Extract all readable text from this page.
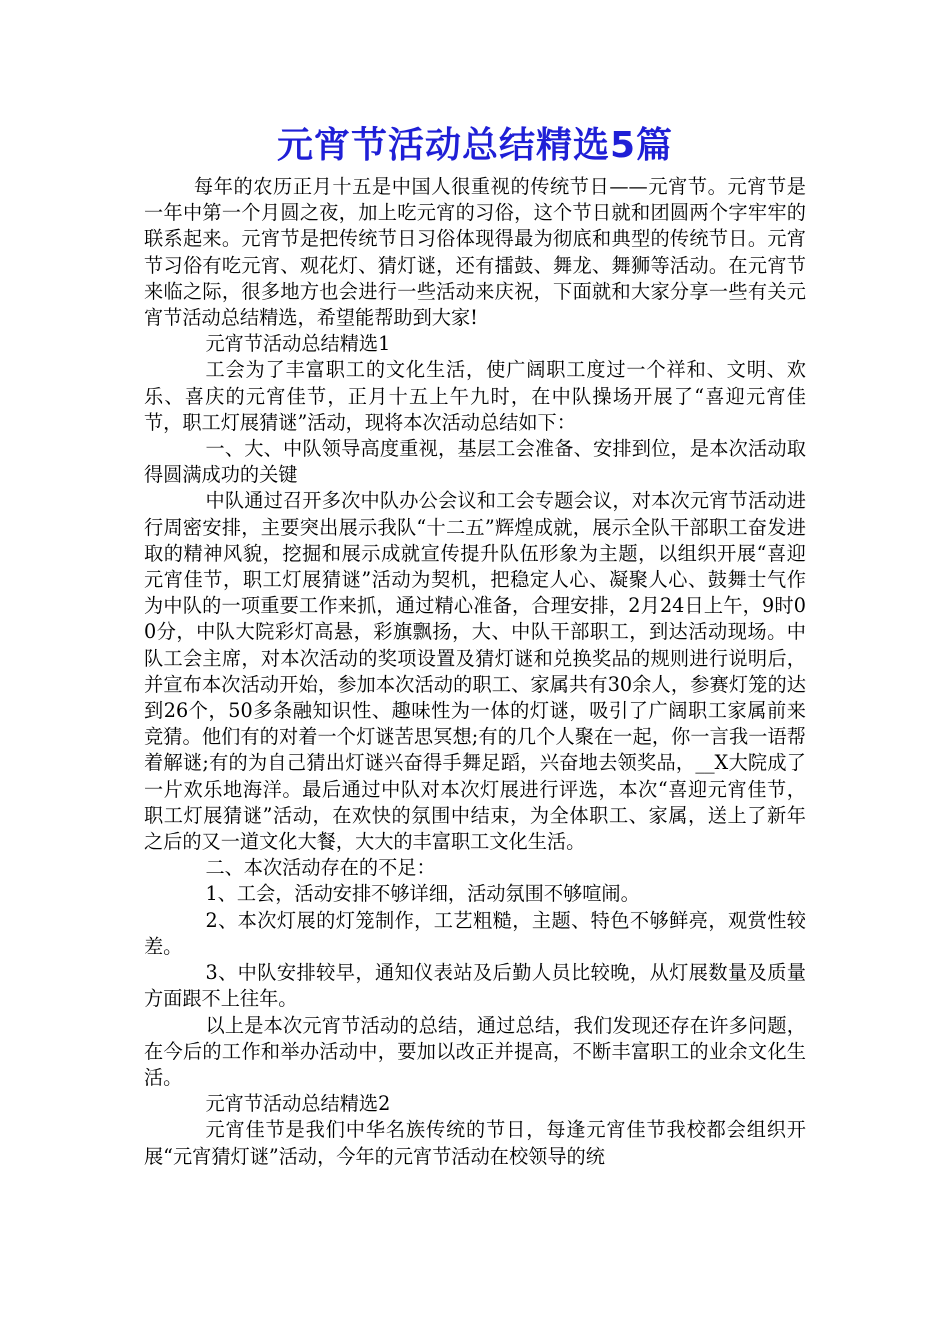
元宵节活动总结精选5篇

每年的农历正月十五是中国人很重视的传统节日——元宵节。元宵节是一年中第一个月圆之夜，加上吃元宵的习俗，这个节日就和团圆两个字牢牢的联系起来。元宵节是把传统节日习俗体现得最为彻底和典型的传统节日。元宵节习俗有吃元宵、观花灯、猜灯谜，还有擂鼓、舞龙、舞狮等活动。在元宵节来临之际，很多地方也会进行一些活动来庆祝，下面就和大家分享一些有关元宵节活动总结精选，希望能帮助到大家!

元宵节活动总结精选1

工会为了丰富职工的文化生活，使广阔职工度过一个祥和、文明、欢乐、喜庆的元宵佳节，正月十五上午九时，在中队操场开展了“喜迎元宵佳节，职工灯展猜谜”活动，现将本次活动总结如下：

一、大、中队领导高度重视，基层工会准备、安排到位，是本次活动取得圆满成功的关键

中队通过召开多次中队办公会议和工会专题会议，对本次元宵节活动进行周密安排，主要突出展示我队“十二五”辉煌成就，展示全队干部职工奋发进取的精神风貌，挖掘和展示成就宣传提升队伍形象为主题，以组织开展“喜迎元宵佳节，职工灯展猜谜”活动为契机，把稳定人心、凝聚人心、鼓舞士气作为中队的一项重要工作来抓，通过精心准备，合理安排，2月24日上午，9时00分，中队大院彩灯高悬，彩旗飘扬，大、中队干部职工，到达活动现场。中队工会主席，对本次活动的奖项设置及猜灯谜和兑换奖品的规则进行说明后，并宣布本次活动开始，参加本次活动的职工、家属共有30余人，参赛灯笼的达到26个，50多条融知识性、趣味性为一体的灯谜，吸引了广阔职工家属前来竞猜。他们有的对着一个灯谜苦思冥想;有的几个人聚在一起，你一言我一语帮着解谜;有的为自己猜出灯谜兴奋得手舞足蹈，兴奋地去领奖品，__X大院成了一片欢乐地海洋。最后通过中队对本次灯展进行评选，本次“喜迎元宵佳节，职工灯展猜谜”活动，在欢快的氛围中结束，为全体职工、家属，送上了新年之后的又一道文化大餐，大大的丰富职工文化生活。

二、本次活动存在的不足：

1、工会，活动安排不够详细，活动氛围不够喧闹。

2、本次灯展的灯笼制作，工艺粗糙，主题、特色不够鲜亮，观赏性较差。

3、中队安排较早，通知仪表站及后勤人员比较晚，从灯展数量及质量方面跟不上往年。

以上是本次元宵节活动的总结，通过总结，我们发现还存在许多问题，在今后的工作和举办活动中，要加以改正并提高，不断丰富职工的业余文化生活。

元宵节活动总结精选2

元宵佳节是我们中华名族传统的节日，每逢元宵佳节我校都会组织开展“元宵猜灯谜”活动，今年的元宵节活动在校领导的统
